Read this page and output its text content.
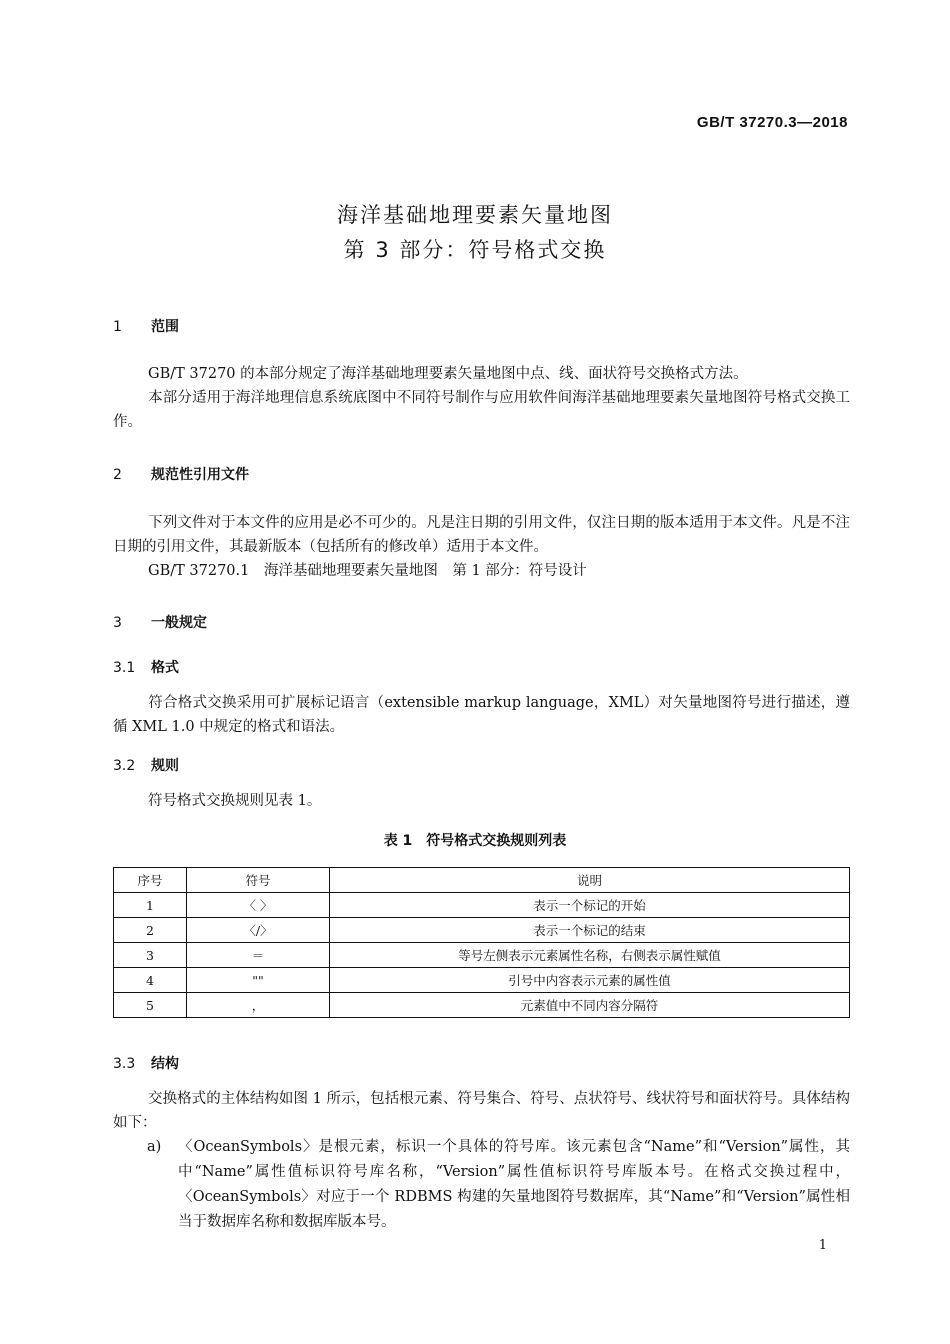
GB/T 37270.3—2018
海洋基础地理要素矢量地图
第 3 部分：符号格式交换
1 范围
GB/T 37270 的本部分规定了海洋基础地理要素矢量地图中点、线、面状符号交换格式方法。
本部分适用于海洋地理信息系统底图中不同符号制作与应用软件间海洋基础地理要素矢量地图符号格式交换工作。
2 规范性引用文件
下列文件对于本文件的应用是必不可少的。凡是注日期的引用文件，仅注日期的版本适用于本文件。凡是不注日期的引用文件，其最新版本（包括所有的修改单）适用于本文件。
GB/T 37270.1　海洋基础地理要素矢量地图　第 1 部分：符号设计
3 一般规定
3.1 格式
符合格式交换采用可扩展标记语言（extensible markup language，XML）对矢量地图符号进行描述，遵循 XML 1.0 中规定的格式和语法。
3.2 规则
符号格式交换规则见表 1。
表 1　符号格式交换规则列表
序号	符号	说明
1	〈 〉	表示一个标记的开始
2	〈/〉	表示一个标记的结束
3	＝	等号左侧表示元素属性名称，右侧表示属性赋值
4	""	引号中内容表示元素的属性值
5	，	元素值中不同内容分隔符
3.3 结构
交换格式的主体结构如图 1 所示，包括根元素、符号集合、符号、点状符号、线状符号和面状符号。具体结构如下：
a) 〈OceanSymbols〉是根元素，标识一个具体的符号库。该元素包含“Name”和“Version”属性，其中“Name”属性值标识符号库名称，“Version”属性值标识符号库版本号。在格式交换过程中，〈OceanSymbols〉对应于一个 RDBMS 构建的矢量地图符号数据库，其“Name”和“Version”属性相当于数据库名称和数据库版本号。
1
